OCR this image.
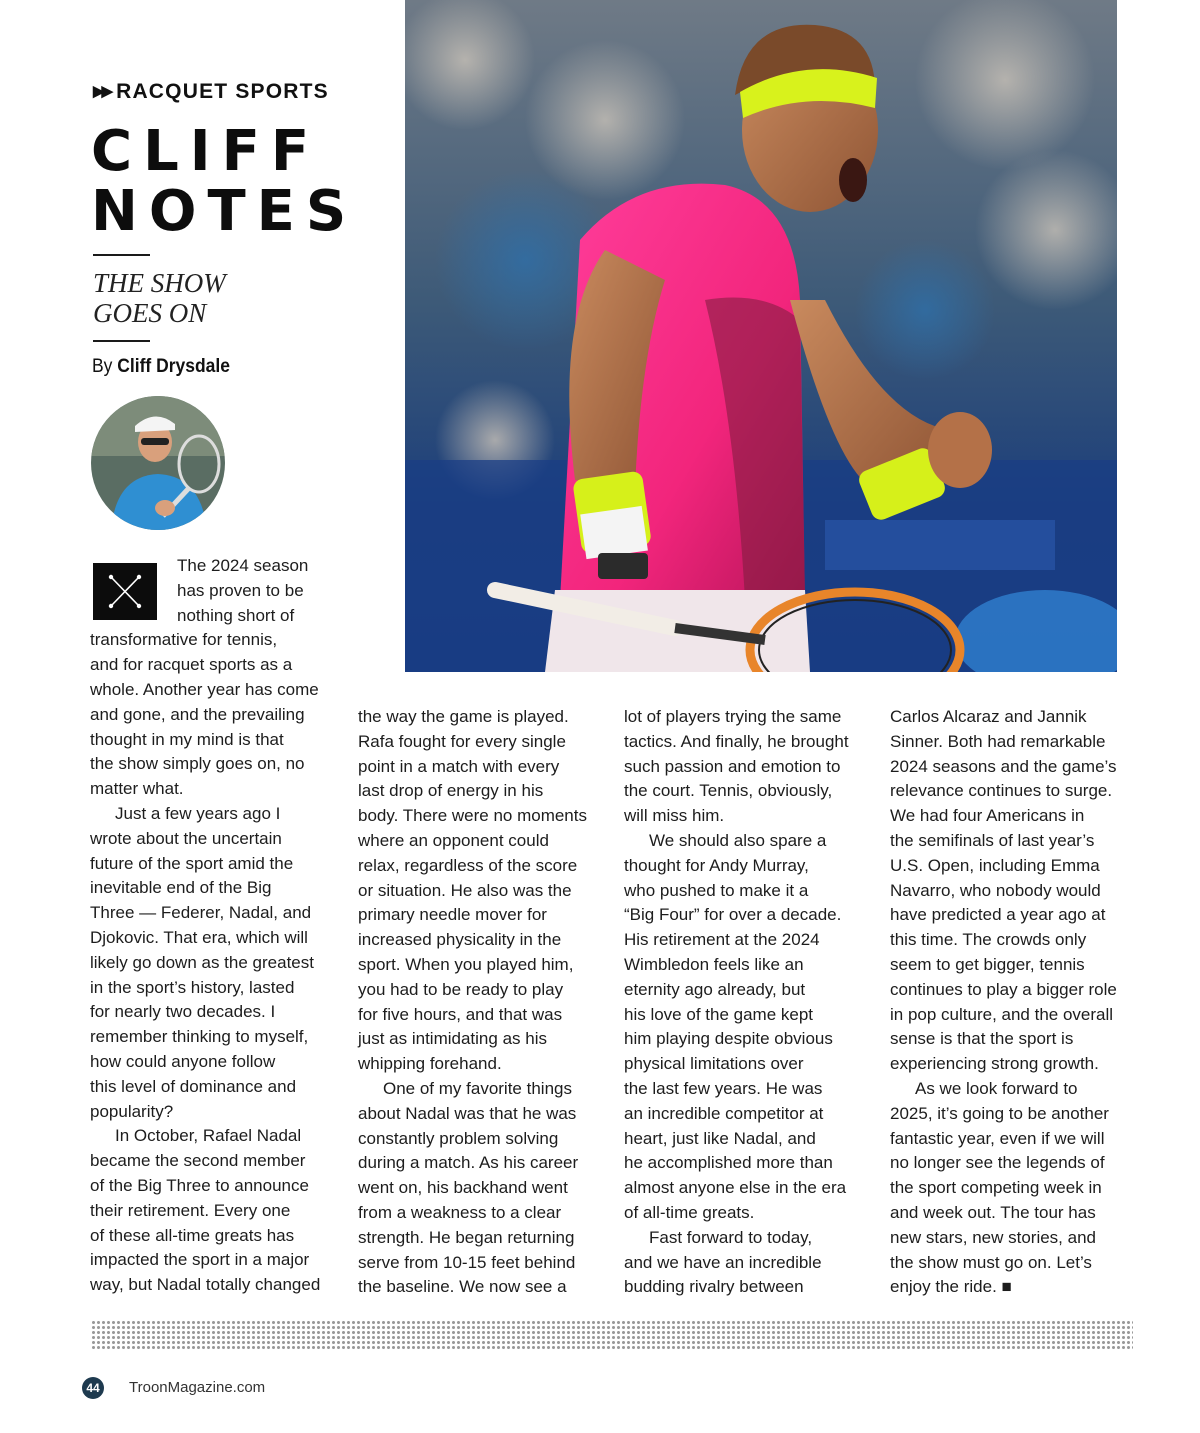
▶▶ RACQUET SPORTS
CLIFF
NOTES
THE SHOW
GOES ON
By Cliff Drysdale

The 2024 season

has proven to be

nothing short of

transformative for tennis,

and for racquet sports as a

whole. Another year has come

and gone, and the prevailing

thought in my mind is that

the show simply goes on, no

matter what.

Just a few years ago I

wrote about the uncertain

future of the sport amid the

inevitable end of the Big

Three — Federer, Nadal, and

Djokovic. That era, which will

likely go down as the greatest

in the sport’s history, lasted

for nearly two decades. I

remember thinking to myself,

how could anyone follow

this level of dominance and

popularity?

In October, Rafael Nadal

became the second member

of the Big Three to announce

their retirement. Every one

of these all-time greats has

impacted the sport in a major

way, but Nadal totally changed

the way the game is played.

Rafa fought for every single

point in a match with every

last drop of energy in his

body. There were no moments

where an opponent could

relax, regardless of the score

or situation. He also was the

primary needle mover for

increased physicality in the

sport. When you played him,

you had to be ready to play

for five hours, and that was

just as intimidating as his

whipping forehand.

One of my favorite things

about Nadal was that he was

constantly problem solving

during a match. As his career

went on, his backhand went

from a weakness to a clear

strength. He began returning

serve from 10-15 feet behind

the baseline. We now see a

lot of players trying the same

tactics. And finally, he brought

such passion and emotion to

the court. Tennis, obviously,

will miss him.

We should also spare a

thought for Andy Murray,

who pushed to make it a

“Big Four” for over a decade.

His retirement at the 2024

Wimbledon feels like an

eternity ago already, but

his love of the game kept

him playing despite obvious

physical limitations over

the last few years. He was

an incredible competitor at

heart, just like Nadal, and

he accomplished more than

almost anyone else in the era

of all-time greats.

Fast forward to today,

and we have an incredible

budding rivalry between

Carlos Alcaraz and Jannik

Sinner. Both had remarkable

2024 seasons and the game’s

relevance continues to surge.

We had four Americans in

the semifinals of last year’s

U.S. Open, including Emma

Navarro, who nobody would

have predicted a year ago at

this time. The crowds only

seem to get bigger, tennis

continues to play a bigger role

in pop culture, and the overall

sense is that the sport is

experiencing strong growth.

As we look forward to

2025, it’s going to be another

fantastic year, even if we will

no longer see the legends of

the sport competing week in

and week out. The tour has

new stars, new stories, and

the show must go on. Let’s

enjoy the ride. ■

44 TroonMagazine.com
